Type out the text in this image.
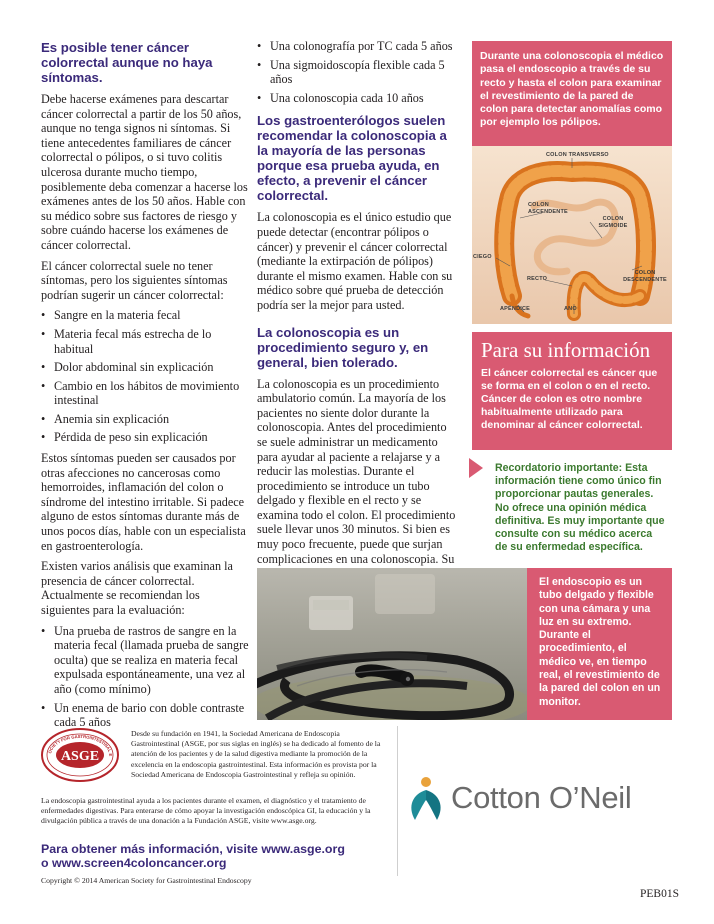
Es posible tener cáncer colorrectal aunque no haya síntomas.

Debe hacerse exámenes para descartar cáncer colorrectal a partir de los 50 años, aunque no tenga signos ni síntomas. Si tiene antecedentes familiares de cáncer colorrectal o pólipos, o si tuvo colitis ulcerosa durante mucho tiempo, posiblemente deba comenzar a hacerse los exámenes antes de los 50 años. Hable con su médico sobre sus factores de riesgo y sobre cuándo hacerse los exámenes de cáncer colorrectal.

El cáncer colorrectal suele no tener síntomas, pero los siguientes síntomas podrían sugerir un cáncer colorrectal:

• Sangre en la materia fecal
• Materia fecal más estrecha de lo habitual
• Dolor abdominal sin explicación
• Cambio en los hábitos de movimiento intestinal
• Anemia sin explicación
• Pérdida de peso sin explicación

Estos síntomas pueden ser causados por otras afecciones no cancerosas como hemorroides, inflamación del colon o síndrome del intestino irritable. Si padece alguno de estos síntomas durante más de unos pocos días, hable con un especialista en gastroenterología.

Existen varios análisis que examinan la presencia de cáncer colorrectal. Actualmente se recomiendan los siguientes para la evaluación:

• Una prueba de rastros de sangre en la materia fecal (llamada prueba de sangre oculta) que se realiza en materia fecal expulsada espontáneamente, una vez al año (como mínimo)
• Un enema de bario con doble contraste cada 5 años
• Una colonografía por TC cada 5 años
• Una sigmoidoscopía flexible cada 5 años
• Una colonoscopia cada 10 años
Los gastroenterólogos suelen recomendar la colonoscopia a la mayoría de las personas porque esa prueba ayuda, en efecto, a prevenir el cáncer colorrectal.

La colonoscopia es el único estudio que puede detectar (encontrar pólipos o cáncer) y prevenir el cáncer colorrectal (mediante la extirpación de pólipos) durante el mismo examen. Hable con su médico sobre qué prueba de detección podría ser la mejor para usted.

La colonoscopia es un procedimiento seguro y, en general, bien tolerado.

La colonoscopia es un procedimiento ambulatorio común. La mayoría de los pacientes no siente dolor durante la colonoscopia. Antes del procedimiento se suele administrar un medicamento para ayudar al paciente a relajarse y a reducir las molestias. Durante el procedimiento se introduce un tubo delgado y flexible en el recto y se examina todo el colon. El procedimiento suele llevar unos 30 minutos. Si bien es muy poco frecuente, puede que surjan complicaciones en una colonoscopia. Su

Durante una colonoscopia el médico pasa el endoscopio a través de su recto y hasta el colon para examinar el revestimiento de la pared de colon para detectar anomalías como por ejemplo los pólipos.

COLON TRANSVERSO
COLON ASCENDENTE
COLON SIGMOIDE
CIEGO
RECTO
COLON DESCENDENTE
APÉNDICE	ANO
Para su información

El cáncer colorrectal es cáncer que se forma en el colon o en el recto. Cáncer de colon es otro nombre habitualmente utilizado para denominar al cáncer colorrectal.

Recordatorio importante: Esta información tiene como único fin proporcionar pautas generales. No ofrece una opinión médica definitiva. Es muy importante que consulte con su médico acerca de su enfermedad específica.

El endoscopio es un tubo delgado y flexible con una cámara y una luz en su extremo. Durante el procedimiento, el médico ve, en tiempo real, el revestimiento de la pared del colon en un monitor.

OCIETY FOR GASTROINTESTINAL E
ASGE

Desde su fundación en 1941, la Sociedad Americana de Endoscopia Gastrointestinal (ASGE, por sus siglas en inglés) se ha dedicado al fomento de la atención de los pacientes y de la salud digestiva mediante la promoción de la excelencia en la endoscopia gastrointestinal. Esta información es provista por la Sociedad Americana de Endoscopia Gastrointestinal y refleja su opinión.

La endoscopia gastrointestinal ayuda a los pacientes durante el examen, el diagnóstico y el tratamiento de enfermedades digestivas. Para enterarse de cómo apoyar la investigación endoscópica GI, la educación y la divulgación pública a través de una donación a la Fundación ASGE, visite www.asge.org.

Para obtener más información, visite www.asge.org
o www.screen4coloncancer.org
Copyright © 2014 American Society for Gastrointestinal Endoscopy
Cotton O’Neil
PEB01S
